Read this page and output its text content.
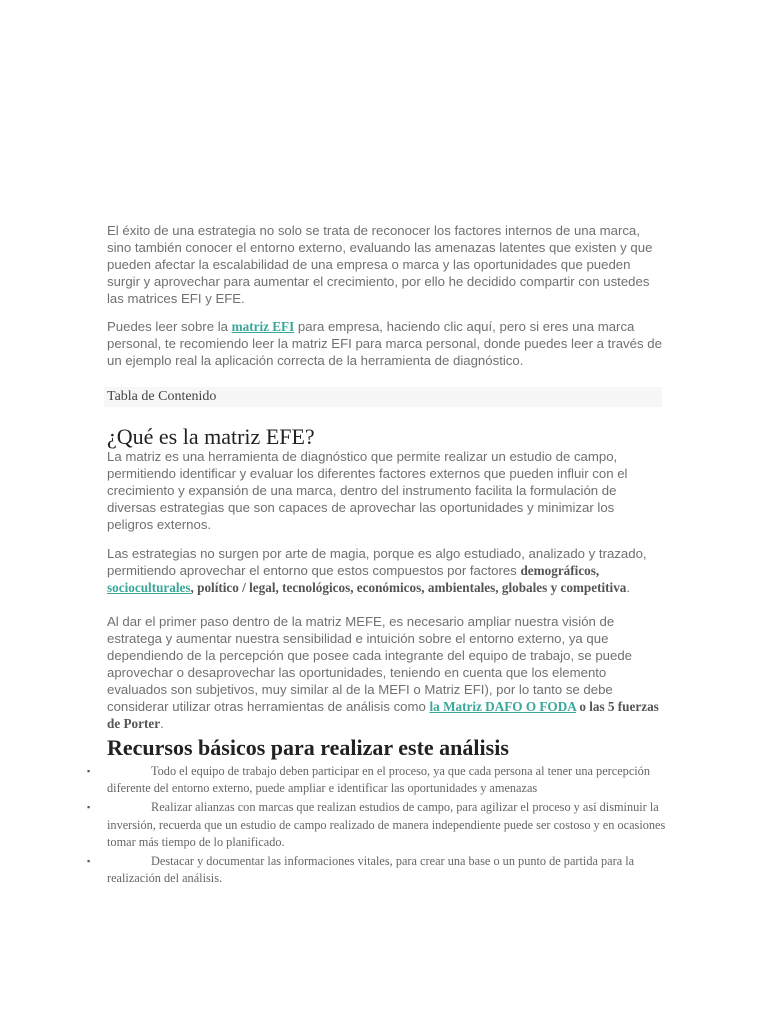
El éxito de una estrategia no solo se trata de reconocer los factores internos de una marca, sino también conocer el entorno externo, evaluando las amenazas latentes que existen y que pueden afectar la escalabilidad de una empresa o marca y las oportunidades que pueden surgir y aprovechar para aumentar el crecimiento, por ello he decidido compartir con ustedes las matrices EFI y EFE.

Puedes leer sobre la matriz EFI para empresa, haciendo clic aquí, pero si eres una marca personal, te recomiendo leer la matriz EFI para marca personal, donde puedes leer a través de un ejemplo real la aplicación correcta de la herramienta de diagnóstico.

Tabla de Contenido
¿Qué es la matriz EFE?

La matriz es una herramienta de diagnóstico que permite realizar un estudio de campo, permitiendo identificar y evaluar los diferentes factores externos que pueden influir con el crecimiento y expansión de una marca, dentro del instrumento facilita la formulación de diversas estrategias que son capaces de aprovechar las oportunidades y minimizar los peligros externos.

Las estrategias no surgen por arte de magia, porque es algo estudiado, analizado y trazado, permitiendo aprovechar el entorno que estos compuestos por factores demográficos, socioculturales, político / legal, tecnológicos, económicos, ambientales, globales y competitiva.

Al dar el primer paso dentro de la matriz MEFE, es necesario ampliar nuestra visión de estratega y aumentar nuestra sensibilidad e intuición sobre el entorno externo, ya que dependiendo de la percepción que posee cada integrante del equipo de trabajo, se puede aprovechar o desaprovechar las oportunidades, teniendo en cuenta que los elemento evaluados son subjetivos, muy similar al de la MEFI o Matriz EFI), por lo tanto se debe considerar utilizar otras herramientas de análisis como la Matriz DAFO O FODA o las 5 fuerzas de Porter.

Recursos básicos para realizar este análisis
▪	Todo el equipo de trabajo deben participar en el proceso, ya que cada persona al tener una percepción diferente del entorno externo, puede ampliar e identificar las oportunidades y amenazas
▪	Realizar alianzas con marcas que realizan estudios de campo, para agilizar el proceso y así disminuir la inversión, recuerda que un estudio de campo realizado de manera independiente puede ser costoso y en ocasiones tomar más tiempo de lo planificado.
▪	Destacar y documentar las informaciones vitales, para crear una base o un punto de partida para la realización del análisis.
